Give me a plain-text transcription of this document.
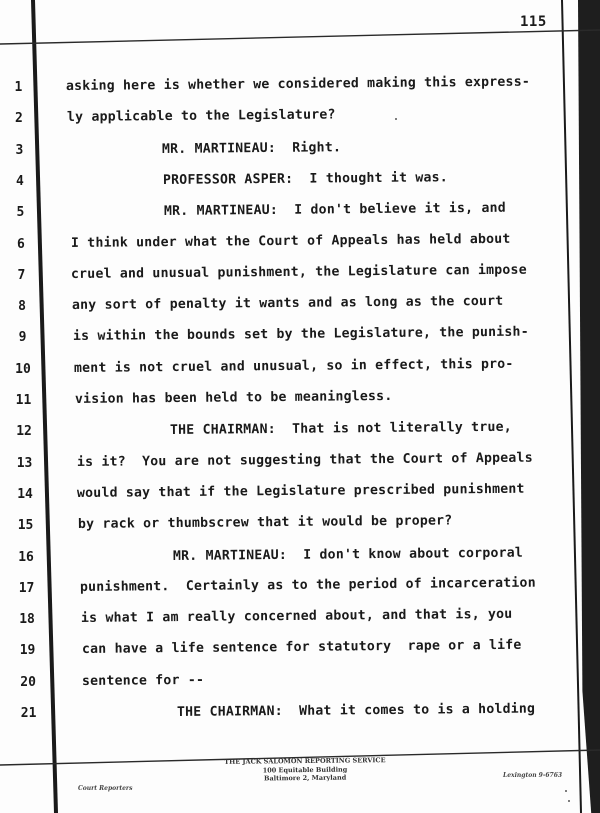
115
1	asking here is whether we considered making this express-
2	ly applicable to the Legislature?
3	MR. MARTINEAU:  Right.
4	PROFESSOR ASPER:  I thought it was.
5	MR. MARTINEAU:  I don't believe it is, and
6	I think under what the Court of Appeals has held about
7	cruel and unusual punishment, the Legislature can impose
8	any sort of penalty it wants and as long as the court
9	is within the bounds set by the Legislature, the punish-
10	ment is not cruel and unusual, so in effect, this pro-
11	vision has been held to be meaningless.
12	THE CHAIRMAN:  That is not literally true,
13	is it?  You are not suggesting that the Court of Appeals
14	would say that if the Legislature prescribed punishment
15	by rack or thumbscrew that it would be proper?
16	MR. MARTINEAU:  I don't know about corporal
17	punishment.  Certainly as to the period of incarceration
18	is what I am really concerned about, and that is, you
19	can have a life sentence for statutory  rape or a life
20	sentence for --
21	THE CHAIRMAN:  What it comes to is a holding
THE JACK SALOMON REPORTING SERVICE
100 Equitable Building
Baltimore 2, Maryland
Court Reporters
Lexington 9-6763
